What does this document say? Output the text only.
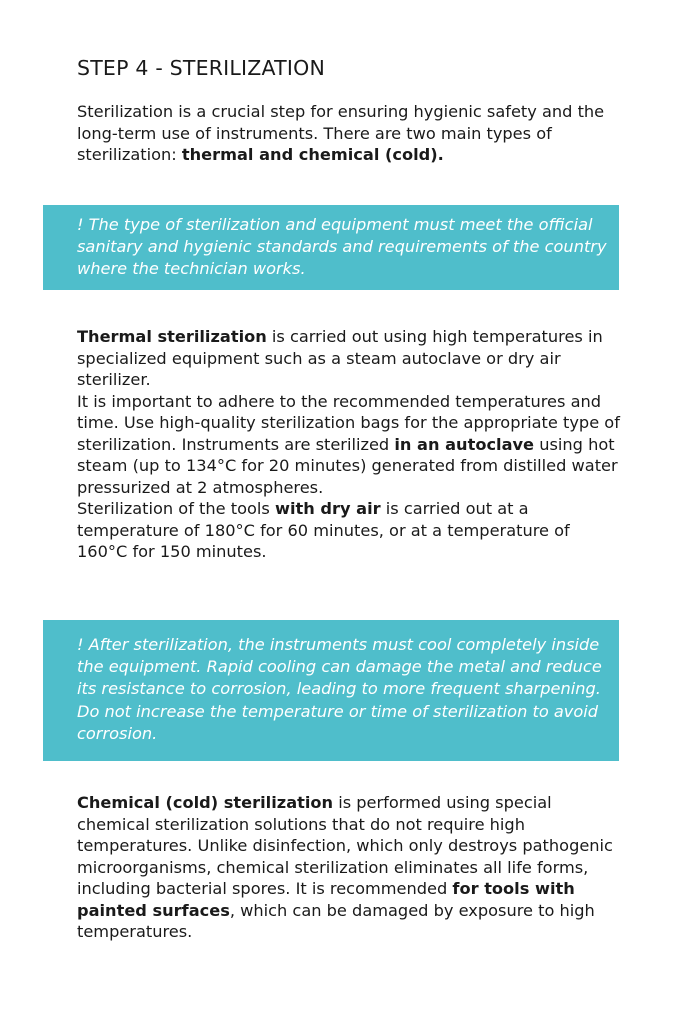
STEP 4 - STERILIZATION

Sterilization is a crucial step for ensuring hygienic safety and the long-term use of instruments. There are two main types of sterilization: thermal and chemical (cold).

! The type of sterilization and equipment must meet the official sanitary and hygienic standards and requirements of the country where the technician works.

Thermal sterilization is carried out using high temperatures in specialized equipment such as a steam autoclave or dry air sterilizer.
It is important to adhere to the recommended temperatures and time. Use high-quality sterilization bags for the appropriate type of sterilization. Instruments are sterilized in an autoclave using hot steam (up to 134°C for 20 minutes) generated from distilled water pressurized at 2 atmospheres.
Sterilization of the tools with dry air is carried out at a temperature of 180°C for 60 minutes, or at a temperature of 160°C for 150 minutes.

! After sterilization, the instruments must cool completely inside the equipment. Rapid cooling can damage the metal and reduce its resistance to corrosion, leading to more frequent sharpening. Do not increase the temperature or time of sterilization to avoid corrosion.

Chemical (cold) sterilization is performed using special chemical sterilization solutions that do not require high temperatures. Unlike disinfection, which only destroys pathogenic microorganisms, chemical sterilization eliminates all life forms, including bacterial spores. It is recommended for tools with painted surfaces, which can be damaged by exposure to high temperatures.
